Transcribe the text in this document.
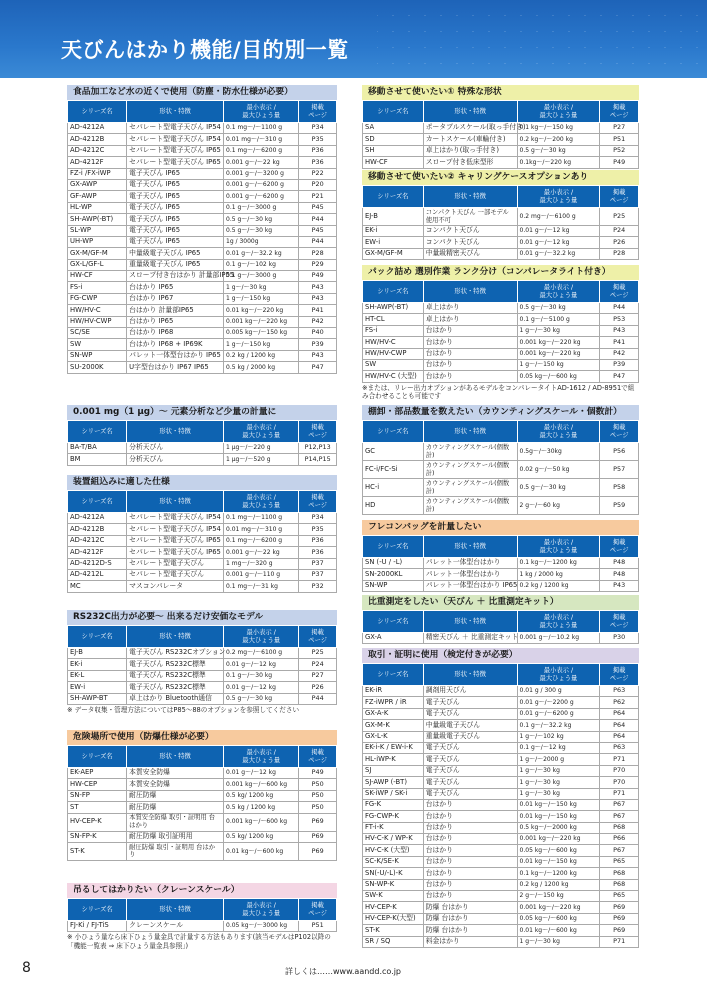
天びんはかり機能/目的別一覧
食品加工など水の近くで使用（防塵・防水仕様が必要）
シリーズ名	形状・特徴	最小表示 /
最大ひょう量	掲載
ページ
AD-4212A	セパレート型電子天びん IP54	0.1 mg～/～1100 g	P34
AD-4212B	セパレート型電子天びん IP54	0.01 mg～/～310 g	P35
AD-4212C	セパレート型電子天びん IP65	0.1 mg～/～6200 g	P36
AD-4212F	セパレート型電子天びん IP65	0.001 g～/～22 kg	P36
FZ-i /FX-iWP	電子天びん IP65	0.001 g～/～3200 g	P22
GX-AWP	電子天びん IP65	0.001 g～/～6200 g	P20
GF-AWP	電子天びん IP65	0.001 g～/～6200 g	P21
HL-WP	電子天びん IP65	0.1 g～/～3000 g	P45
SH-AWP(-BT)	電子天びん IP65	0.5 g～/～30 kg	P44
SL-WP	電子天びん IP65	0.5 g～/～30 kg	P45
UH-WP	電子天びん IP65	1g / 3000g	P44
GX-M/GF-M	中量級電子天びん IP65	0.01 g～/～32.2 kg	P28
GX-L/GF-L	重量級電子天びん IP65	0.1 g～/～102 kg	P29
HW-CF	スロープ付き台はかり 計量部IP55	0.1 g～/～3000 g	P49
FS-i	台はかり IP65	1 g～/～30 kg	P43
FG-CWP	台はかり IP67	1 g～/～150 kg	P43
HW/HV-C	台はかり 計量部IP65	0.01 kg～/～220 kg	P41
HW/HV-CWP	台はかり IP65	0.001 kg～/～220 kg	P42
SC/SE	台はかり IP68	0.005 kg～/～150 kg	P40
SW	台はかり IP68 + IP69K	1 g～/～150 kg	P39
SN-WP	パレット一体型台はかり IP65	0.2 kg / 1200 kg	P43
SU-2000K	U字型台はかり IP67 IP65	0.5 kg / 2000 kg	P47
0.001 mg（1 μg）～ 元素分析など少量の計量に
シリーズ名	形状・特徴	最小表示 /
最大ひょう量	掲載
ページ
BA-T/BA	分析天びん	1 μg～/～220 g	P12,P13
BM	分析天びん	1 μg～/～520 g	P14,P15
装置組込みに適した仕様
シリーズ名	形状・特徴	最小表示 /
最大ひょう量	掲載
ページ
AD-4212A	セパレート型電子天びん IP54	0.1 mg～/～1100 g	P34
AD-4212B	セパレート型電子天びん IP54	0.01 mg～/～310 g	P35
AD-4212C	セパレート型電子天びん IP65	0.1 mg～/～6200 g	P36
AD-4212F	セパレート型電子天びん IP65	0.001 g～/～22 kg	P36
AD-4212D-S	セパレート型電子天びん	1 mg～/～320 g	P37
AD-4212L	セパレート型電子天びん	0.001 g～/～110 g	P37
MC	マスコンパレータ	0.1 mg～/～31 kg	P32
RS232C出力が必要～ 出来るだけ安価なモデル
シリーズ名	形状・特徴	最小表示 /
最大ひょう量	掲載
ページ
EJ-B	電子天びん RS232Cオプション	0.2 mg～/～6100 g	P25
EK-i	電子天びん RS232C標準	0.01 g～/～12 kg	P24
EK-L	電子天びん RS232C標準	0.1 g～/～30 kg	P27
EW-i	電子天びん RS232C標準	0.01 g～/～12 kg	P26
SH-AWP-BT	卓上はかり Bluetooth通信	0.5 g～/～30 kg	P44
※ データ収集・管理方法についてはP85～88のオプションを参照してください
危険場所で使用（防爆仕様が必要）
シリーズ名	形状・特徴	最小表示 /
最大ひょう量	掲載
ページ
EK-AEP	本質安全防爆	0.01 g～/～12 kg	P49
HW-CEP	本質安全防爆	0.001 kg～/～600 kg	P50
SN-FP	耐圧防爆	0.5 kg/ 1200 kg	P50
ST	耐圧防爆	0.5 kg / 1200 kg	P50
HV-CEP-K	本質安全防爆 取引・証明用 台はかり	0.001 kg～/～600 kg	P69
SN-FP-K	耐圧防爆 取引証明用	0.5 kg/ 1200 kg	P69
ST-K	耐圧防爆 取引・証明用 台はかり	0.01 kg～/～600 kg	P69
吊るしてはかりたい（クレーンスケール）
シリーズ名	形状・特徴	最小表示 /
最大ひょう量	掲載
ページ
FJ-Ki / FJ-TiS	クレーンスケール	0.05 kg～/～3000 kg	P51
※ 小ひょう量なら床下ひょう量金具で計量する方法もあります(該当モデルはP102以降の「機能一覧表 ⇒ 床下ひょう量金具参照」)
移動させて使いたい① 特殊な形状
シリーズ名	形状・特徴	最小表示 /
最大ひょう量	掲載
ページ
SA	ポータブルスケール(取っ手付き)	0.1 kg～/～150 kg	P27
SD	カートスケール(車輪付き)	0.2 kg～/～200 kg	P51
SH	卓上はかり(取っ手付き)	0.5 g～/～30 kg	P52
HW-CF	スロープ付き低床型形	0.1kg～/～220 kg	P49
移動させて使いたい② キャリングケースオプションあり
シリーズ名	形状・特徴	最小表示 /
最大ひょう量	掲載
ページ
EJ-B	コンパクト天びん 一部モデル使用不可	0.2 mg～/～6100 g	P25
EK-i	コンパクト天びん	0.01 g～/～12 kg	P24
EW-i	コンパクト天びん	0.01 g～/～12 kg	P26
GX-M/GF-M	中量級精密天びん	0.01 g～/～32.2 kg	P28
パック詰め 選別作業 ランク分け（コンパレータライト付き）
シリーズ名	形状・特徴	最小表示 /
最大ひょう量	掲載
ページ
SH-AWP(-BT)	卓上はかり	0.5 g～/～30 kg	P44
HT-CL	卓上はかり	0.1 g～/～5100 g	P53
FS-i	台はかり	1 g～/～30 kg	P43
HW/HV-C	台はかり	0.001 kg～/～220 kg	P41
HW/HV-CWP	台はかり	0.001 kg～/～220 kg	P42
SW	台はかり	1 g～/～150 kg	P39
HW/HV-C (大型)	台はかり	0.05 kg～/～600 kg	P47
※または、リレー出力オプションがあるモデルをコンパレータイトAD-1612 / AD-8951で組み合わせることも可能です
棚卸・部品数量を数えたい（カウンティングスケール・個数計）
シリーズ名	形状・特徴	最小表示 /
最大ひょう量	掲載
ページ
GC	カウンティングスケール(個数計)	0.5g～/～30kg	P56
FC-i/FC-Si	カウンティングスケール(個数計)	0.02 g～/～50 kg	P57
HC-i	カウンティングスケール(個数計)	0.5 g～/～30 kg	P58
HD	カウンティングスケール(個数計)	2 g～/～60 kg	P59
フレコンバッグを計量したい
シリーズ名	形状・特徴	最小表示 /
最大ひょう量	掲載
ページ
SN (-U / -L)	パレット一体型台はかり	0.1 kg～/～1200 kg	P48
SN-2000KL	パレット一体型台はかり	1 kg / 2000 kg	P48
SN-WP	パレット一体型台はかり IP65	0.2 kg / 1200 kg	P43
比重測定をしたい（天びん ＋ 比重測定キット）
シリーズ名	形状・特徴	最小表示 /
最大ひょう量	掲載
ページ
GX-A	精密天びん ＋ 比重測定キット	0.001 g～/～10.2 kg	P30
取引・証明に使用（検定付きが必要）
シリーズ名	形状・特徴	最小表示 /
最大ひょう量	掲載
ページ
EK-iR	調剤用天びん	0.01 g / 300 g	P63
FZ-iWPR / iR	電子天びん	0.01 g～/～2200 g	P62
GX-A-K	電子天びん	0.01 g～/～6200 g	P64
GX-M-K	中量級電子天びん	0.1 g～/～32.2 kg	P64
GX-L-K	重量級電子天びん	1 g～/～102 kg	P64
EK-i-K / EW-i-K	電子天びん	0.1 g～/～12 kg	P63
HL-iWP-K	電子天びん	1 g～/～2000 g	P71
SJ	電子天びん	1 g～/～30 kg	P70
SJ-AWP (-BT)	電子天びん	1 g～/～30 kg	P70
SK-iWP / SK-i	電子天びん	1 g～/～30 kg	P71
FG-K	台はかり	0.01 kg～/～150 kg	P67
FG-CWP-K	台はかり	0.01 kg～/～150 kg	P67
FT-i-K	台はかり	0.5 kg～/～2000 kg	P68
HV-C-K / WP-K	台はかり	0.001 kg～/～220 kg	P66
HV-C-K (大型)	台はかり	0.05 kg～/～600 kg	P67
SC-K/SE-K	台はかり	0.01 kg～/～150 kg	P65
SN(-U/-L)-K	台はかり	0.1 kg～/～1200 kg	P68
SN-WP-K	台はかり	0.2 kg / 1200 kg	P68
SW-K	台はかり	2 g～/～150 kg	P65
HV-CEP-K	防爆 台はかり	0.001 kg～/～220 kg	P69
HV-CEP-K(大型)	防爆 台はかり	0.05 kg～/～600 kg	P69
ST-K	防爆 台はかり	0.01 kg～/～600 kg	P69
SR / SQ	料金はかり	1 g～/～30 kg	P71
8	詳しくは……www.aandd.co.jp
